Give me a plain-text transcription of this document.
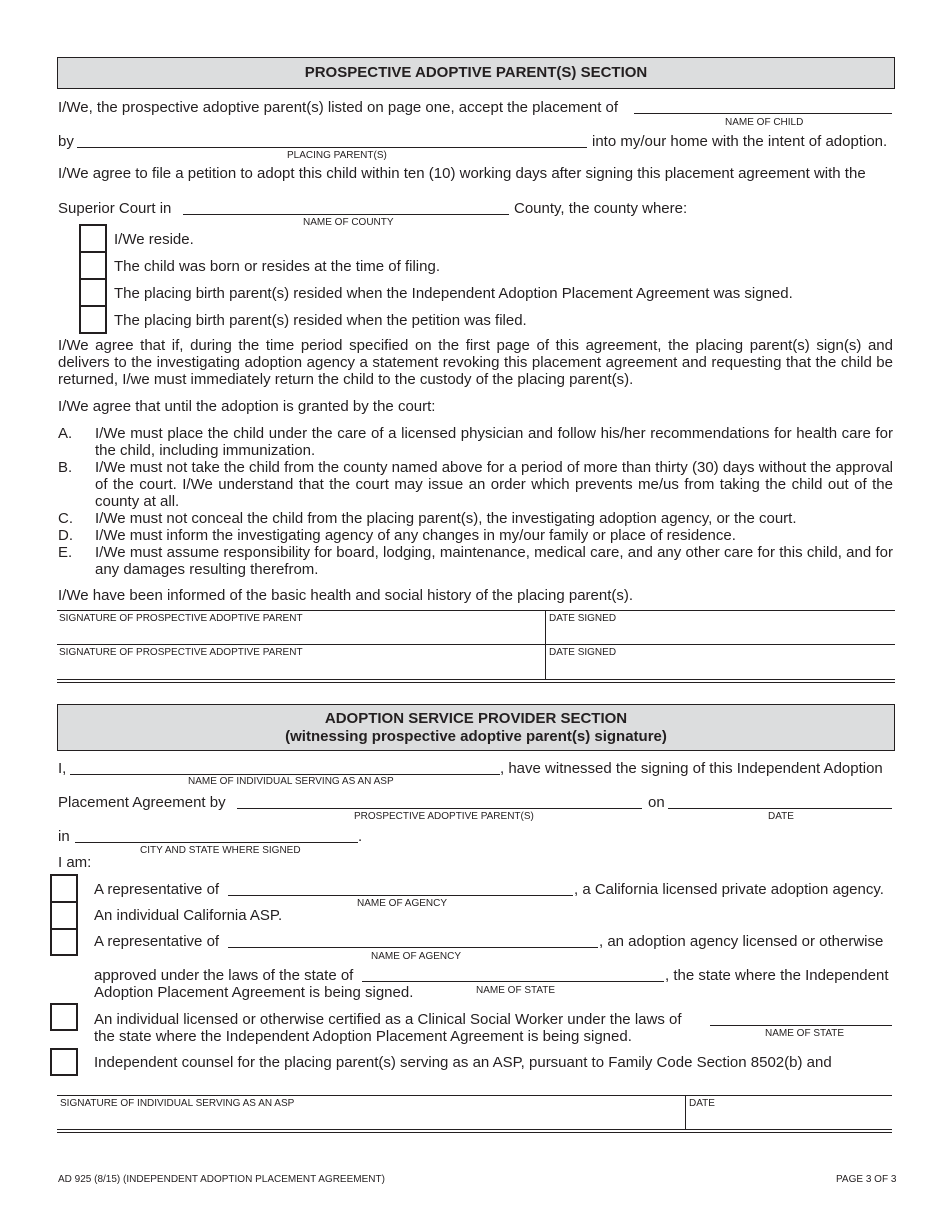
PROSPECTIVE ADOPTIVE PARENT(S) SECTION
I/We, the prospective adoptive parent(s) listed on page one, accept the placement of
NAME OF CHILD
by
PLACING PARENT(S)
into my/our home with the intent of adoption.
I/We agree to file a petition to adopt this child within ten (10) working days after signing this placement agreement with the
Superior Court in
NAME OF COUNTY
County, the county where:
I/We reside.
The child was born or resides at the time of filing.
The placing birth parent(s) resided when the Independent Adoption Placement Agreement was signed.
The placing birth parent(s) resided when the petition was filed.
I/We agree that if, during the time period specified on the first page of this agreement, the placing parent(s) sign(s) and delivers to the investigating adoption agency a statement revoking this placement agreement and requesting that the child be returned, I/we must immediately return the child to the custody of the placing parent(s).
I/We agree that until the adoption is granted by the court:
A. I/We must place the child under the care of a licensed physician and follow his/her recommendations for health care for the child, including immunization.
B. I/We must not take the child from the county named above for a period of more than thirty (30) days without the approval of the court. I/We understand that the court may issue an order which prevents me/us from taking the child out of the county at all.
C. I/We must not conceal the child from the placing parent(s), the investigating adoption agency, or the court.
D. I/We must inform the investigating agency of any changes in my/our family or place of residence.
E. I/We must assume responsibility for board, lodging, maintenance, medical care, and any other care for this child, and for any damages resulting therefrom.
I/We have been informed of the basic health and social history of the placing parent(s).
SIGNATURE OF PROSPECTIVE ADOPTIVE PARENT	DATE SIGNED
SIGNATURE OF PROSPECTIVE ADOPTIVE PARENT	DATE SIGNED
ADOPTION SERVICE PROVIDER SECTION
(witnessing prospective adoptive parent(s) signature)
I,
NAME OF INDIVIDUAL SERVING AS AN ASP
, have witnessed the signing of this Independent Adoption
Placement Agreement by
PROSPECTIVE ADOPTIVE PARENT(S)
on
DATE
in	.
CITY AND STATE WHERE SIGNED
I am:
A representative of
NAME OF AGENCY
, a California licensed private adoption agency.
An individual California ASP.
A representative of
NAME OF AGENCY
, an adoption agency licensed or otherwise
approved under the laws of the state of	, the state where the Independent
Adoption Placement Agreement is being signed.	NAME OF STATE
An individual licensed or otherwise certified as a Clinical Social Worker under the laws of
the state where the Independent Adoption Placement Agreement is being signed.	NAME OF STATE
Independent counsel for the placing parent(s) serving as an ASP, pursuant to Family Code Section 8502(b) and
SIGNATURE OF INDIVIDUAL SERVING AS AN ASP	DATE
AD 925 (8/15) (INDEPENDENT ADOPTION PLACEMENT AGREEMENT)	PAGE 3 OF 3
